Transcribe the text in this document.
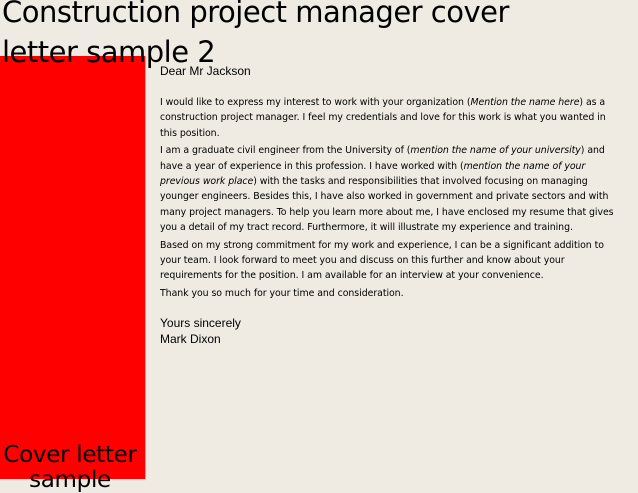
Cover letter
sample
Construction project manager cover
letter sample 2
Dear Mr Jackson

I would like to express my interest to work with your organization (Mention the name here) as a construction project manager. I feel my credentials and love for this work is what you wanted in this position.

I am a graduate civil engineer from the University of (mention the name of your university) and have a year of experience in this profession. I have worked with (mention the name of your previous work place) with the tasks and responsibilities that involved focusing on managing younger engineers. Besides this, I have also worked in government and private sectors and with many project managers. To help you learn more about me, I have enclosed my resume that gives you a detail of my tract record. Furthermore, it will illustrate my experience and training.

Based on my strong commitment for my work and experience, I can be a significant addition to your team. I look forward to meet you and discuss on this further and know about your requirements for the position. I am available for an interview at your convenience.

Thank you so much for your time and consideration.

Yours sincerely
Mark Dixon
